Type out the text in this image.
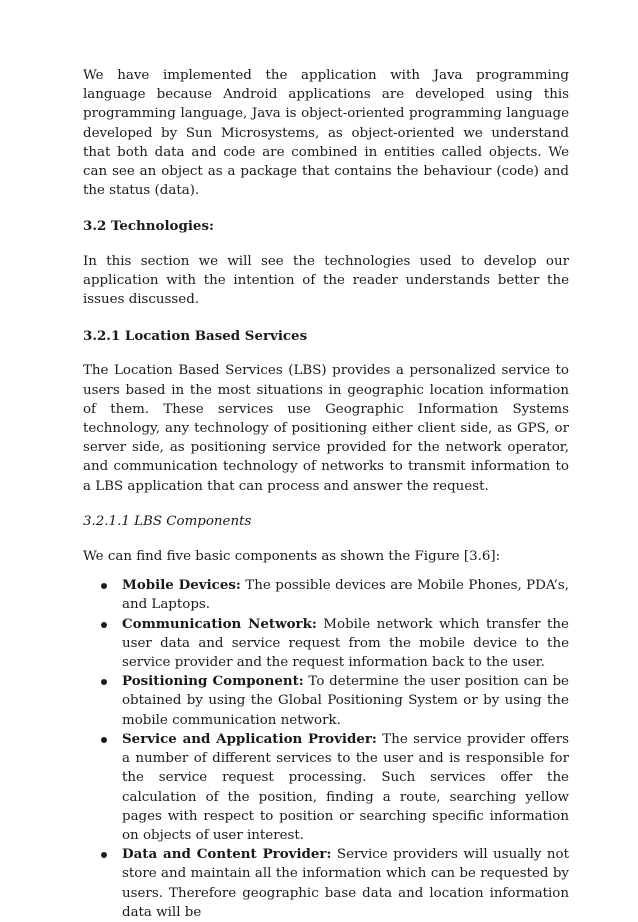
We have implemented the application with Java programming language because Android applications are developed using this programming language, Java is object-oriented programming language developed by Sun Microsystems, as object-oriented we understand that both data and code are combined in entities called objects. We can see an object as a package that contains the behaviour (code) and the status (data).

3.2 Technologies:

In this section we will see the technologies used to develop our application with the intention of the reader understands better the issues discussed.

3.2.1 Location Based Services

The Location Based Services (LBS) provides a personalized service to users based in the most situations in geographic location information of them. These services use Geographic Information Systems technology, any technology of positioning either client side, as GPS, or server side, as positioning service provided for the network operator, and communication technology of networks to transmit information to a LBS application that can process and answer the request.

3.2.1.1 LBS Components

We can find five basic components as shown the Figure [3.6]:

Mobile Devices: The possible devices are Mobile Phones, PDA’s, and Laptops.
Communication Network: Mobile network which transfer the user data and service request from the mobile device to the service provider and the request information back to the user.
Positioning Component: To determine the user position can be obtained by using the Global Positioning System or by using the mobile communication network.
Service and Application Provider: The service provider offers a number of different services to the user and is responsible for the service request processing. Such services offer the calculation of the position, finding a route, searching yellow pages with respect to position or searching specific information on objects of user interest.
Data and Content Provider: Service providers will usually not store and maintain all the information which can be requested by users. Therefore geographic base data and location information data will be
